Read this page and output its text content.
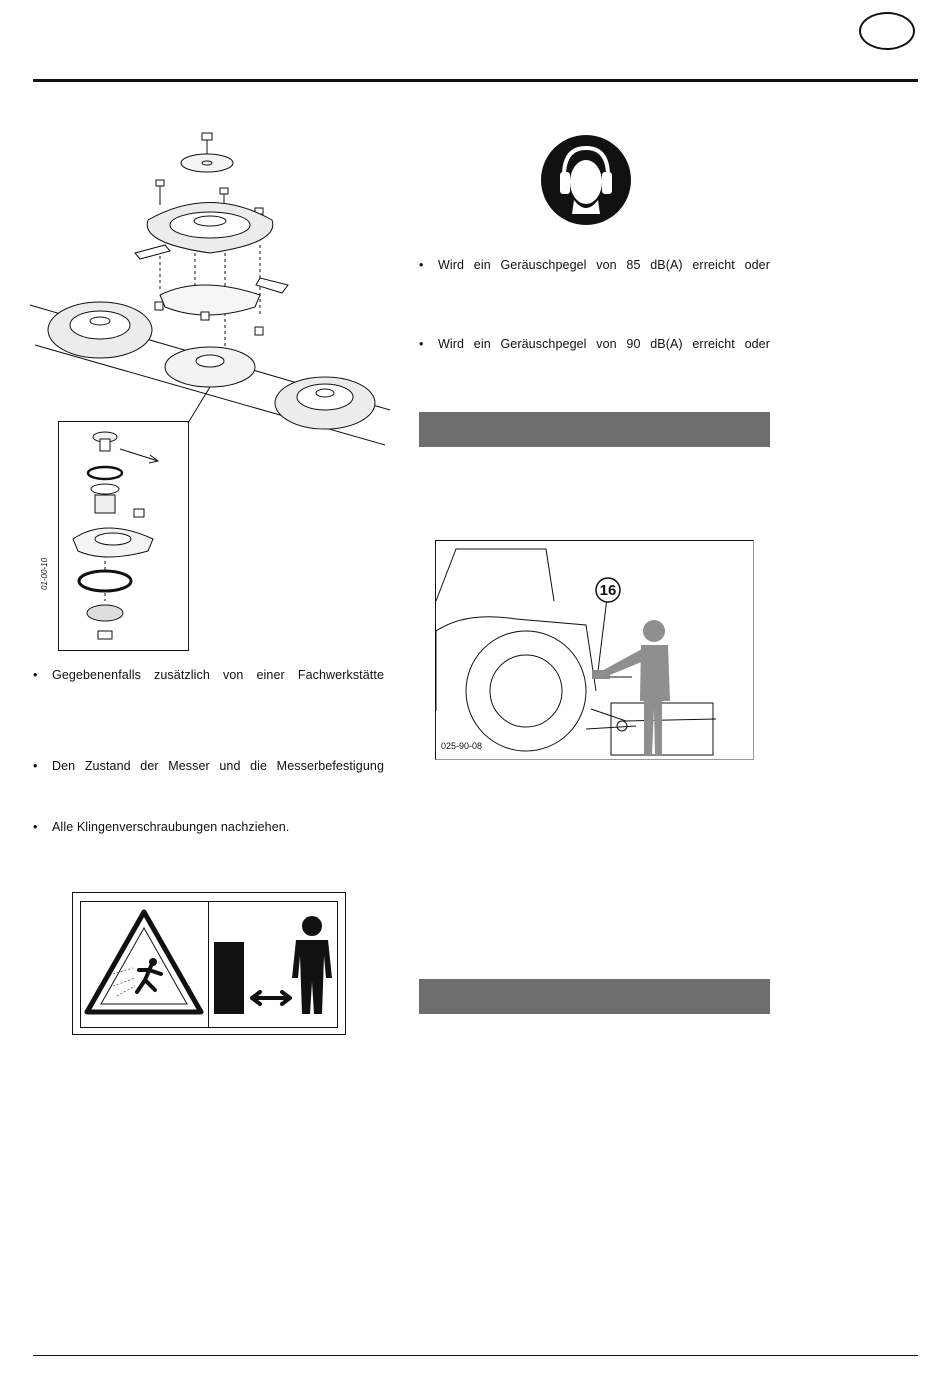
01-00-10
• Gegebenenfalls zusätzlich von einer Fachwerkstätte
• Den Zustand der Messer und die Messerbefestigung
• Alle Klingenverschraubungen nachziehen.
• Wird ein Geräuschpegel von 85 dB(A) erreicht oder
• Wird ein Geräuschpegel von 90 dB(A) erreicht oder
16
025-90-08
